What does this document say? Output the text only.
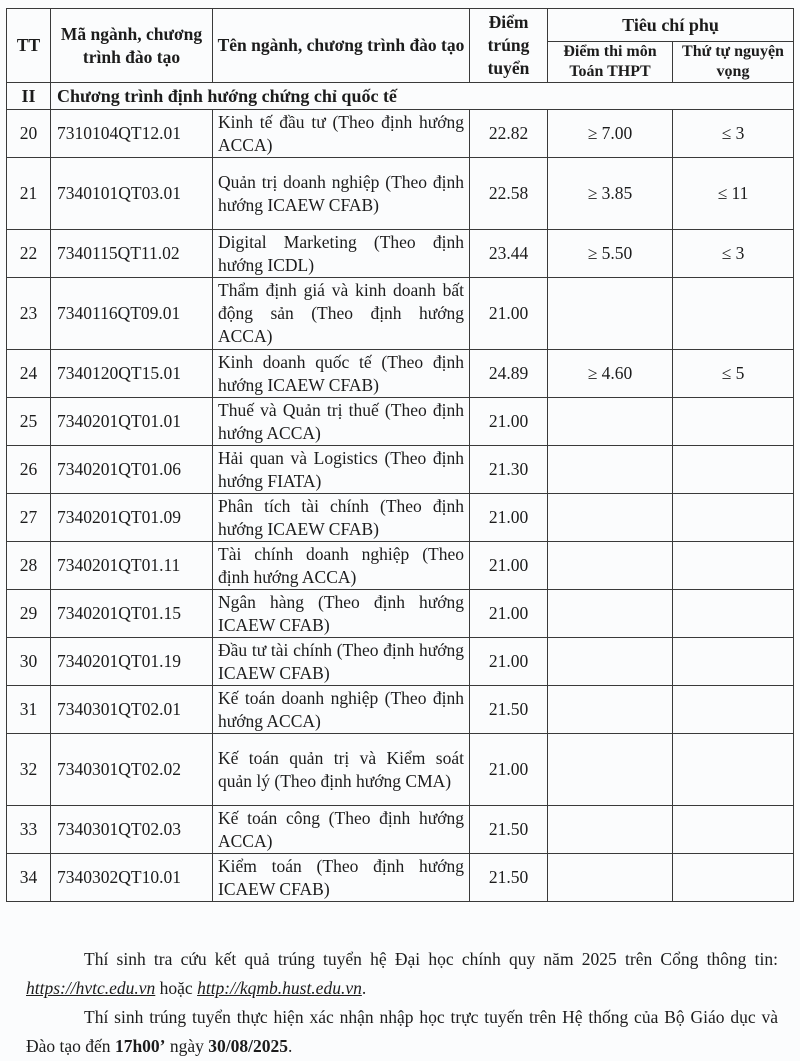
TT	Mã ngành, chương trình đào tạo	Tên ngành, chương trình đào tạo	Điểm trúng tuyển	Tiêu chí phụ	
				Điểm thi môn Toán THPT	Thứ tự nguyện vọng
II	Chương trình định hướng chứng chỉ quốc tế				
20	7310104QT12.01	Kinh tế đầu tư (Theo định hướng ACCA)	22.82	≥ 7.00	≤ 3
21	7340101QT03.01	Quản trị doanh nghiệp (Theo định hướng ICAEW CFAB)	22.58	≥ 3.85	≤ 11
22	7340115QT11.02	Digital Marketing (Theo định hướng ICDL)	23.44	≥ 5.50	≤ 3
23	7340116QT09.01	Thẩm định giá và kinh doanh bất động sản (Theo định hướng ACCA)	21.00		
24	7340120QT15.01	Kinh doanh quốc tế (Theo định hướng ICAEW CFAB)	24.89	≥ 4.60	≤ 5
25	7340201QT01.01	Thuế và Quản trị thuế (Theo định hướng ACCA)	21.00		
26	7340201QT01.06	Hải quan và Logistics (Theo định hướng FIATA)	21.30		
27	7340201QT01.09	Phân tích tài chính (Theo định hướng ICAEW CFAB)	21.00		
28	7340201QT01.11	Tài chính doanh nghiệp (Theo định hướng ACCA)	21.00		
29	7340201QT01.15	Ngân hàng (Theo định hướng ICAEW CFAB)	21.00		
30	7340201QT01.19	Đầu tư tài chính (Theo định hướng ICAEW CFAB)	21.00		
31	7340301QT02.01	Kế toán doanh nghiệp (Theo định hướng ACCA)	21.50		
32	7340301QT02.02	Kế toán quản trị và Kiểm soát quản lý (Theo định hướng CMA)	21.00		
33	7340301QT02.03	Kế toán công (Theo định hướng ACCA)	21.50		
34	7340302QT10.01	Kiểm toán (Theo định hướng ICAEW CFAB)	21.50		

Thí sinh tra cứu kết quả trúng tuyển hệ Đại học chính quy năm 2025 trên Cổng thông tin: https://hvtc.edu.vn hoặc http://kqmb.hust.edu.vn.

Thí sinh trúng tuyển thực hiện xác nhận nhập học trực tuyến trên Hệ thống của Bộ Giáo dục và Đào tạo đến 17h00’ ngày 30/08/2025.
